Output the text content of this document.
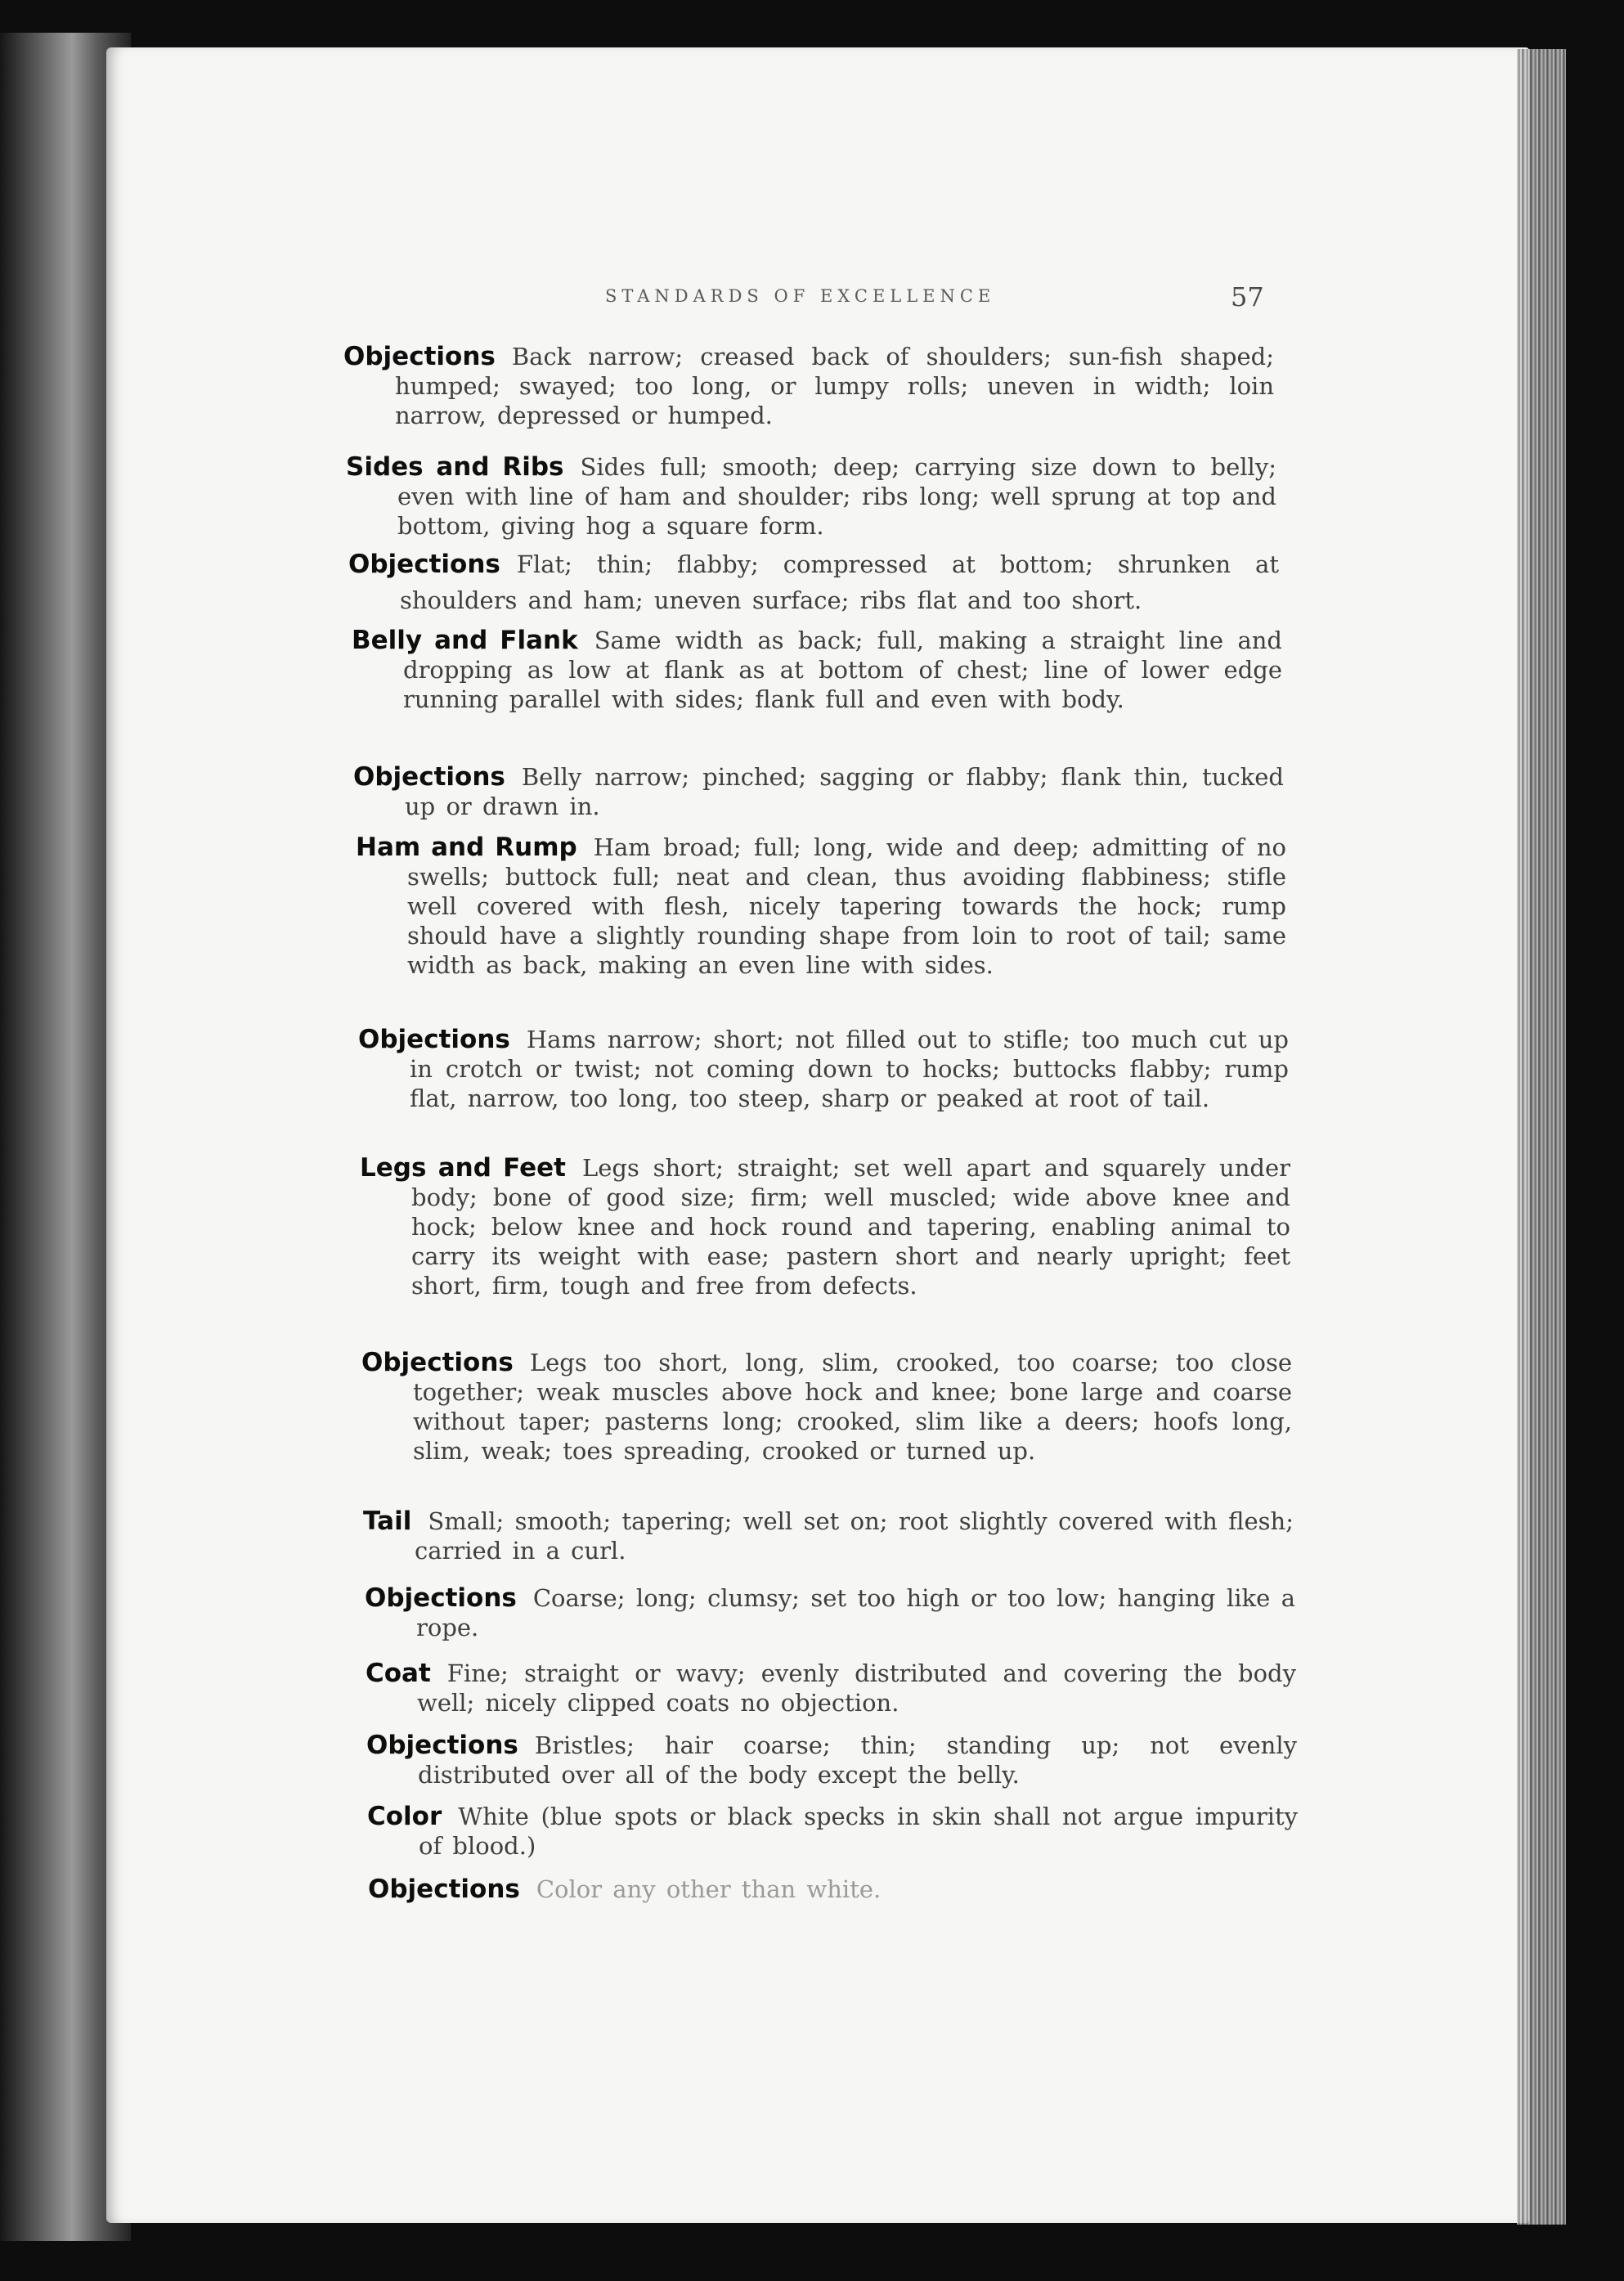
STANDARDS OF EXCELLENCE	57
Objections Back narrow; creased back of shoulders; sun-fish shaped; humped; swayed; too long, or lumpy rolls; uneven in width; loin narrow, depressed or humped.
Sides and Ribs Sides full; smooth; deep; carrying size down to belly; even with line of ham and shoulder; ribs long; well sprung at top and bottom, giving hog a square form.
Objections Flat; thin; flabby; compressed at bottom; shrunken at shoulders and ham; uneven surface; ribs flat and too short.
Belly and Flank Same width as back; full, making a straight line and dropping as low at flank as at bottom of chest; line of lower edge running parallel with sides; flank full and even with body.
Objections Belly narrow; pinched; sagging or flabby; flank thin, tucked up or drawn in.
Ham and Rump Ham broad; full; long, wide and deep; admitting of no swells; buttock full; neat and clean, thus avoiding flabbiness; stifle well covered with flesh, nicely tapering towards the hock; rump should have a slightly rounding shape from loin to root of tail; same width as back, making an even line with sides.
Objections Hams narrow; short; not filled out to stifle; too much cut up in crotch or twist; not coming down to hocks; buttocks flabby; rump flat, narrow, too long, too steep, sharp or peaked at root of tail.
Legs and Feet Legs short; straight; set well apart and squarely under body; bone of good size; firm; well muscled; wide above knee and hock; below knee and hock round and tapering, enabling animal to carry its weight with ease; pastern short and nearly upright; feet short, firm, tough and free from defects.
Objections Legs too short, long, slim, crooked, too coarse; too close together; weak muscles above hock and knee; bone large and coarse without taper; pasterns long; crooked, slim like a deers; hoofs long, slim, weak; toes spreading, crooked or turned up.
Tail Small; smooth; tapering; well set on; root slightly covered with flesh; carried in a curl.
Objections Coarse; long; clumsy; set too high or too low; hanging like a rope.
Coat Fine; straight or wavy; evenly distributed and covering the body well; nicely clipped coats no objection.
Objections Bristles; hair coarse; thin; standing up; not evenly distributed over all of the body except the belly.
Color White (blue spots or black specks in skin shall not argue impurity of blood.)
Objections Color any other than white.
